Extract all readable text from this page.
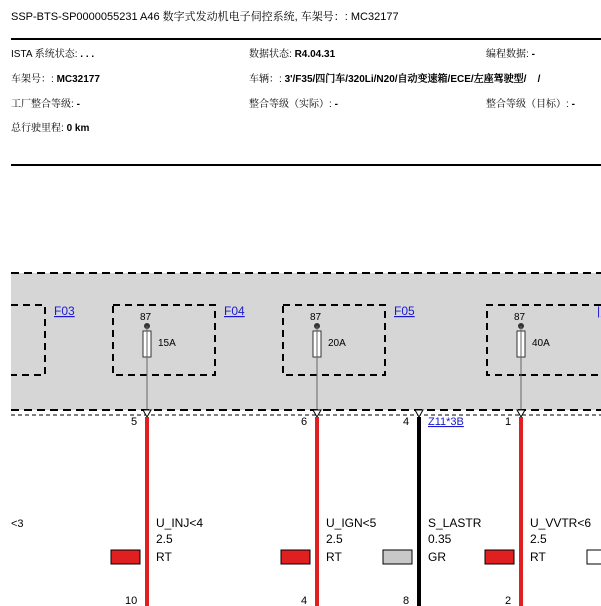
SSP-BTS-SP0000055231 A46 数字式发动机电子伺控系统, 车架号：: MC32177
ISTA 系统状态: . . .	数据状态: R4.04.31	编程数据: -
车架号：: MC32177	车辆：: 3'/F35/四门车/320Li/N20/自动变速箱/ECE/左座驾驶型/ /
工厂整合等级: -	整合等级（实际）: -	整合等级（目标）: -
总行驶里程: 0 km
F03	F04
87
15A
F05
87
20A
87
40A
|
5	6	4 Z11*3B	1
<3	U_INJ<4
2.5
RT
U_IGN<5
2.5
RT
S_LASTR
0.35
GR
U_VVTR<6
2.5
RT
10	4	8	2
